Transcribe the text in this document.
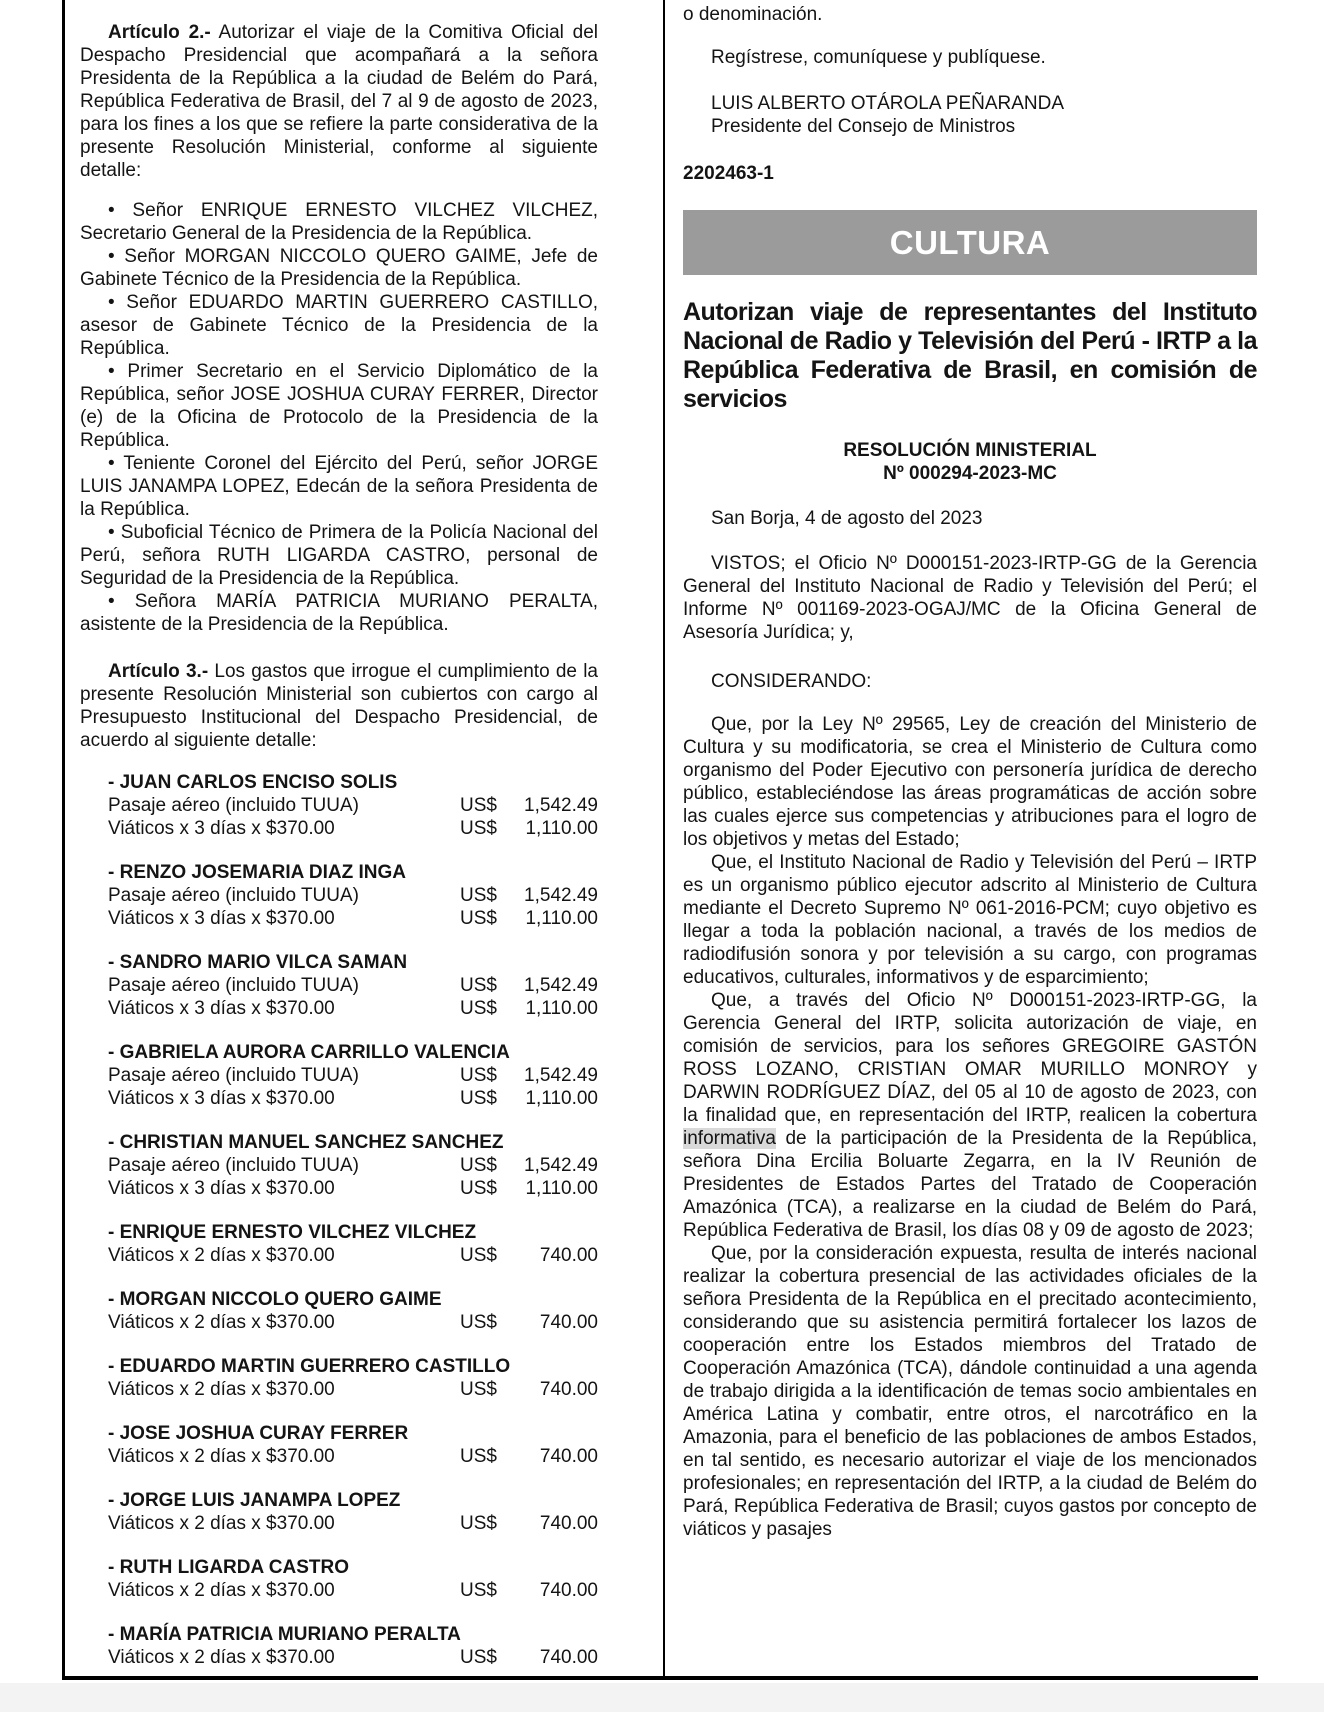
Artículo 2.- Autorizar el viaje de la Comitiva Oficial del Despacho Presidencial que acompañará a la señora Presidenta de la República a la ciudad de Belém do Pará, República Federativa de Brasil, del 7 al 9 de agosto de 2023, para los fines a los que se refiere la parte considerativa de la presente Resolución Ministerial, conforme al siguiente detalle:

• Señor ENRIQUE ERNESTO VILCHEZ VILCHEZ, Secretario General de la Presidencia de la República.

• Señor MORGAN NICCOLO QUERO GAIME, Jefe de Gabinete Técnico de la Presidencia de la República.

• Señor EDUARDO MARTIN GUERRERO CASTILLO, asesor de Gabinete Técnico de la Presidencia de la República.

• Primer Secretario en el Servicio Diplomático de la República, señor JOSE JOSHUA CURAY FERRER, Director (e) de la Oficina de Protocolo de la Presidencia de la República.

• Teniente Coronel del Ejército del Perú, señor JORGE LUIS JANAMPA LOPEZ, Edecán de la señora Presidenta de la República.

• Suboficial Técnico de Primera de la Policía Nacional del Perú, señora RUTH LIGARDA CASTRO, personal de Seguridad de la Presidencia de la República.

• Señora MARÍA PATRICIA MURIANO PERALTA, asistente de la Presidencia de la República.

Artículo 3.- Los gastos que irrogue el cumplimiento de la presente Resolución Ministerial son cubiertos con cargo al Presupuesto Institucional del Despacho Presidencial, de acuerdo al siguiente detalle:

- JUAN CARLOS ENCISO SOLIS
Pasaje aéreo (incluido TUUA)	US$	1,542.49
Viáticos x 3 días x $370.00	US$	1,110.00
- RENZO JOSEMARIA DIAZ INGA
Pasaje aéreo (incluido TUUA)	US$	1,542.49
Viáticos x 3 días x $370.00	US$	1,110.00
- SANDRO MARIO VILCA SAMAN
Pasaje aéreo (incluido TUUA)	US$	1,542.49
Viáticos x 3 días x $370.00	US$	1,110.00
- GABRIELA AURORA CARRILLO VALENCIA
Pasaje aéreo (incluido TUUA)	US$	1,542.49
Viáticos x 3 días x $370.00	US$	1,110.00
- CHRISTIAN MANUEL SANCHEZ SANCHEZ
Pasaje aéreo (incluido TUUA)	US$	1,542.49
Viáticos x 3 días x $370.00	US$	1,110.00
- ENRIQUE ERNESTO VILCHEZ VILCHEZ
Viáticos x 2 días x $370.00	US$	740.00
- MORGAN NICCOLO QUERO GAIME
Viáticos x 2 días x $370.00	US$	740.00
- EDUARDO MARTIN GUERRERO CASTILLO
Viáticos x 2 días x $370.00	US$	740.00
- JOSE JOSHUA CURAY FERRER
Viáticos x 2 días x $370.00	US$	740.00
- JORGE LUIS JANAMPA LOPEZ
Viáticos x 2 días x $370.00	US$	740.00
- RUTH LIGARDA CASTRO
Viáticos x 2 días x $370.00	US$	740.00
- MARÍA PATRICIA MURIANO PERALTA
Viáticos x 2 días x $370.00	US$	740.00

o denominación.

Regístrese, comuníquese y publíquese.

LUIS ALBERTO OTÁROLA PEÑARANDA

Presidente del Consejo de Ministros

2202463-1

CULTURA

Autorizan viaje de representantes del Instituto Nacional de Radio y Televisión del Perú - IRTP a la República Federativa de Brasil, en comisión de servicios

RESOLUCIÓN MINISTERIAL

Nº 000294-2023-MC

San Borja, 4 de agosto del 2023

VISTOS; el Oficio Nº D000151-2023-IRTP-GG de la Gerencia General del Instituto Nacional de Radio y Televisión del Perú; el Informe Nº 001169-2023-OGAJ/MC de la Oficina General de Asesoría Jurídica; y,

CONSIDERANDO:

Que, por la Ley Nº 29565, Ley de creación del Ministerio de Cultura y su modificatoria, se crea el Ministerio de Cultura como organismo del Poder Ejecutivo con personería jurídica de derecho público, estableciéndose las áreas programáticas de acción sobre las cuales ejerce sus competencias y atribuciones para el logro de los objetivos y metas del Estado;

Que, el Instituto Nacional de Radio y Televisión del Perú – IRTP es un organismo público ejecutor adscrito al Ministerio de Cultura mediante el Decreto Supremo Nº 061-2016-PCM; cuyo objetivo es llegar a toda la población nacional, a través de los medios de radiodifusión sonora y por televisión a su cargo, con programas educativos, culturales, informativos y de esparcimiento;

Que, a través del Oficio Nº D000151-2023-IRTP-GG, la Gerencia General del IRTP, solicita autorización de viaje, en comisión de servicios, para los señores GREGOIRE GASTÓN ROSS LOZANO, CRISTIAN OMAR MURILLO MONROY y DARWIN RODRÍGUEZ DÍAZ, del 05 al 10 de agosto de 2023, con la finalidad que, en representación del IRTP, realicen la cobertura informativa de la participación de la Presidenta de la República, señora Dina Ercilia Boluarte Zegarra, en la IV Reunión de Presidentes de Estados Partes del Tratado de Cooperación Amazónica (TCA), a realizarse en la ciudad de Belém do Pará, República Federativa de Brasil, los días 08 y 09 de agosto de 2023;

Que, por la consideración expuesta, resulta de interés nacional realizar la cobertura presencial de las actividades oficiales de la señora Presidenta de la República en el precitado acontecimiento, considerando que su asistencia permitirá fortalecer los lazos de cooperación entre los Estados miembros del Tratado de Cooperación Amazónica (TCA), dándole continuidad a una agenda de trabajo dirigida a la identificación de temas socio ambientales en América Latina y combatir, entre otros, el narcotráfico en la Amazonia, para el beneficio de las poblaciones de ambos Estados, en tal sentido, es necesario autorizar el viaje de los mencionados profesionales; en representación del IRTP, a la ciudad de Belém do Pará, República Federativa de Brasil; cuyos gastos por concepto de viáticos y pasajes
